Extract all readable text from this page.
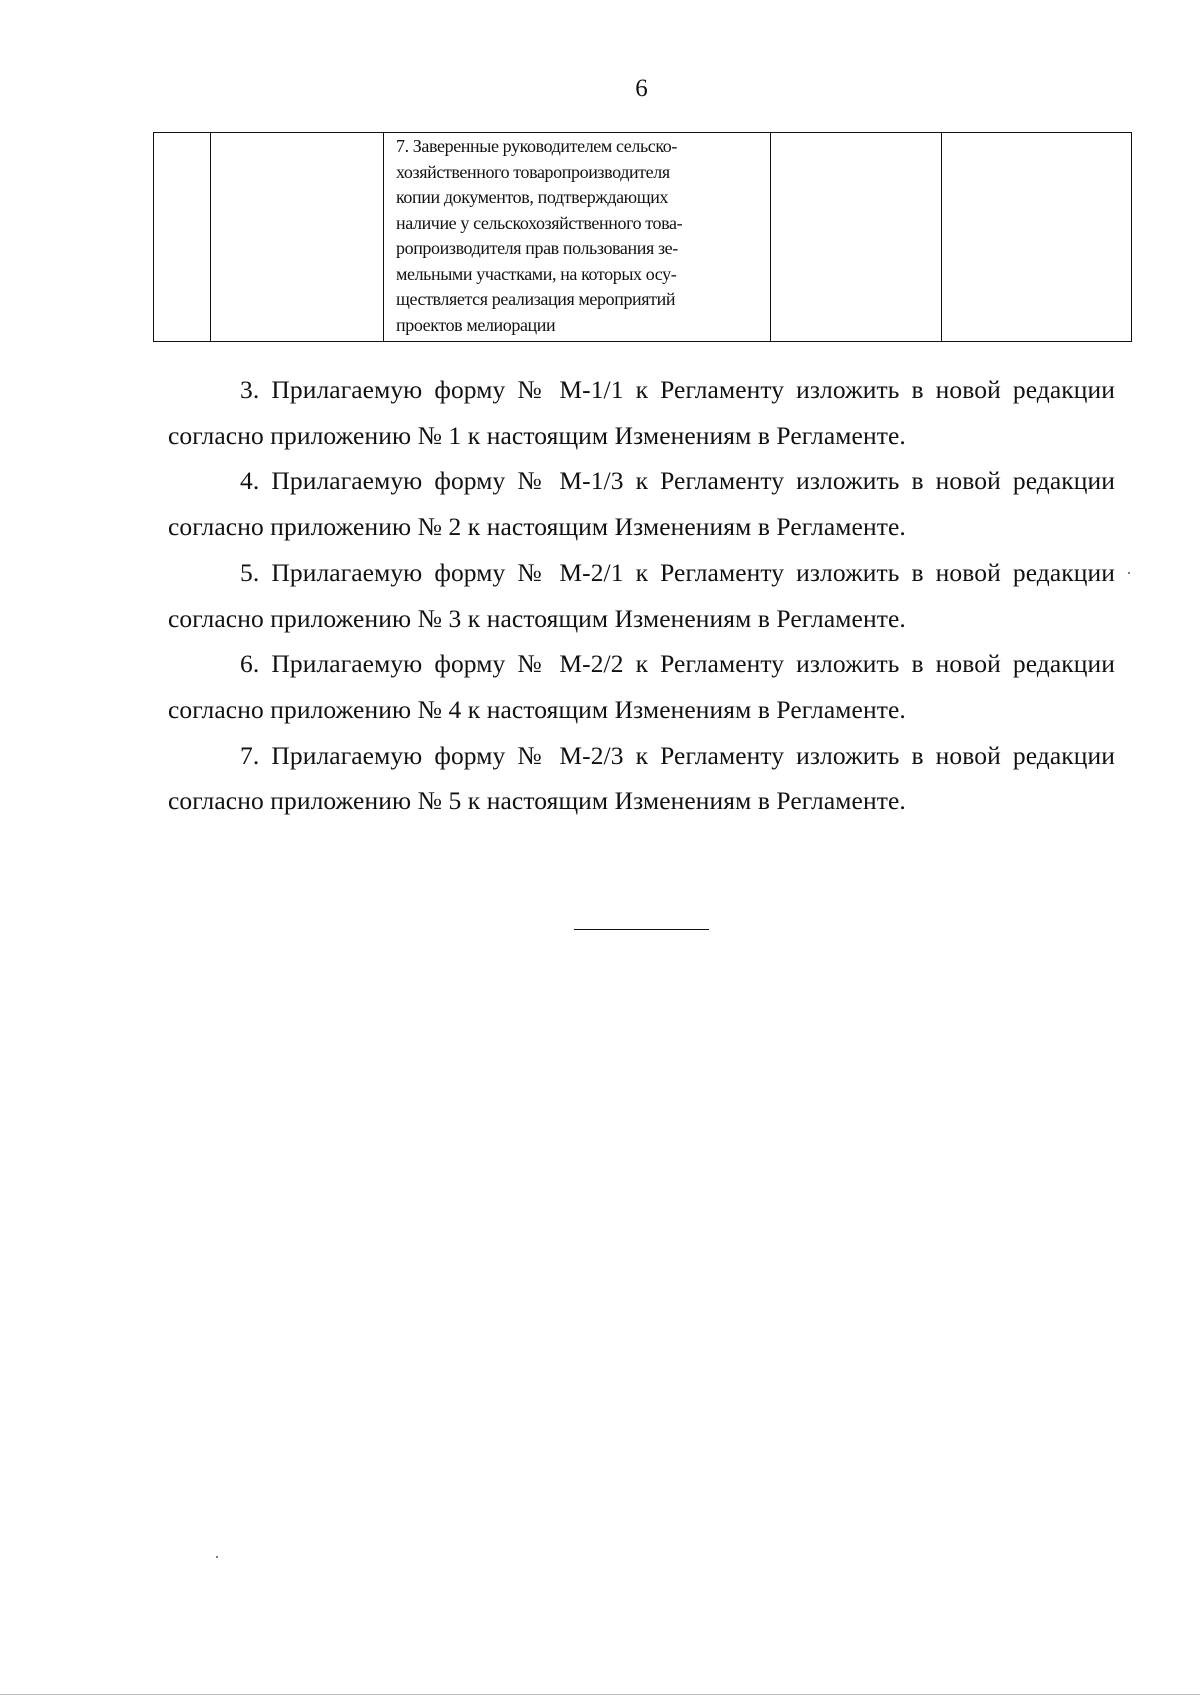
6

7. Заверенные руководителем сельско-
хозяйственного товаропроизводителя
копии документов, подтверждающих
наличие у сельскохозяйственного това-
ропроизводителя прав пользования зе-
мельными участками, на которых осу-
ществляется реализация мероприятий
проектов мелиорации

3. Прилагаемую форму № М-1/1 к Регламенту изложить в новой редакции согласно приложению № 1 к настоящим Изменениям в Регламенте.

4. Прилагаемую форму № М-1/3 к Регламенту изложить в новой редакции согласно приложению № 2 к настоящим Изменениям в Регламенте.

5. Прилагаемую форму № М-2/1 к Регламенту изложить в новой редакции согласно приложению № 3 к настоящим Изменениям в Регламенте.

6. Прилагаемую форму № М-2/2 к Регламенту изложить в новой редакции согласно приложению № 4 к настоящим Изменениям в Регламенте.

7. Прилагаемую форму № М-2/3 к Регламенту изложить в новой редакции согласно приложению № 5 к настоящим Изменениям в Регламенте.
